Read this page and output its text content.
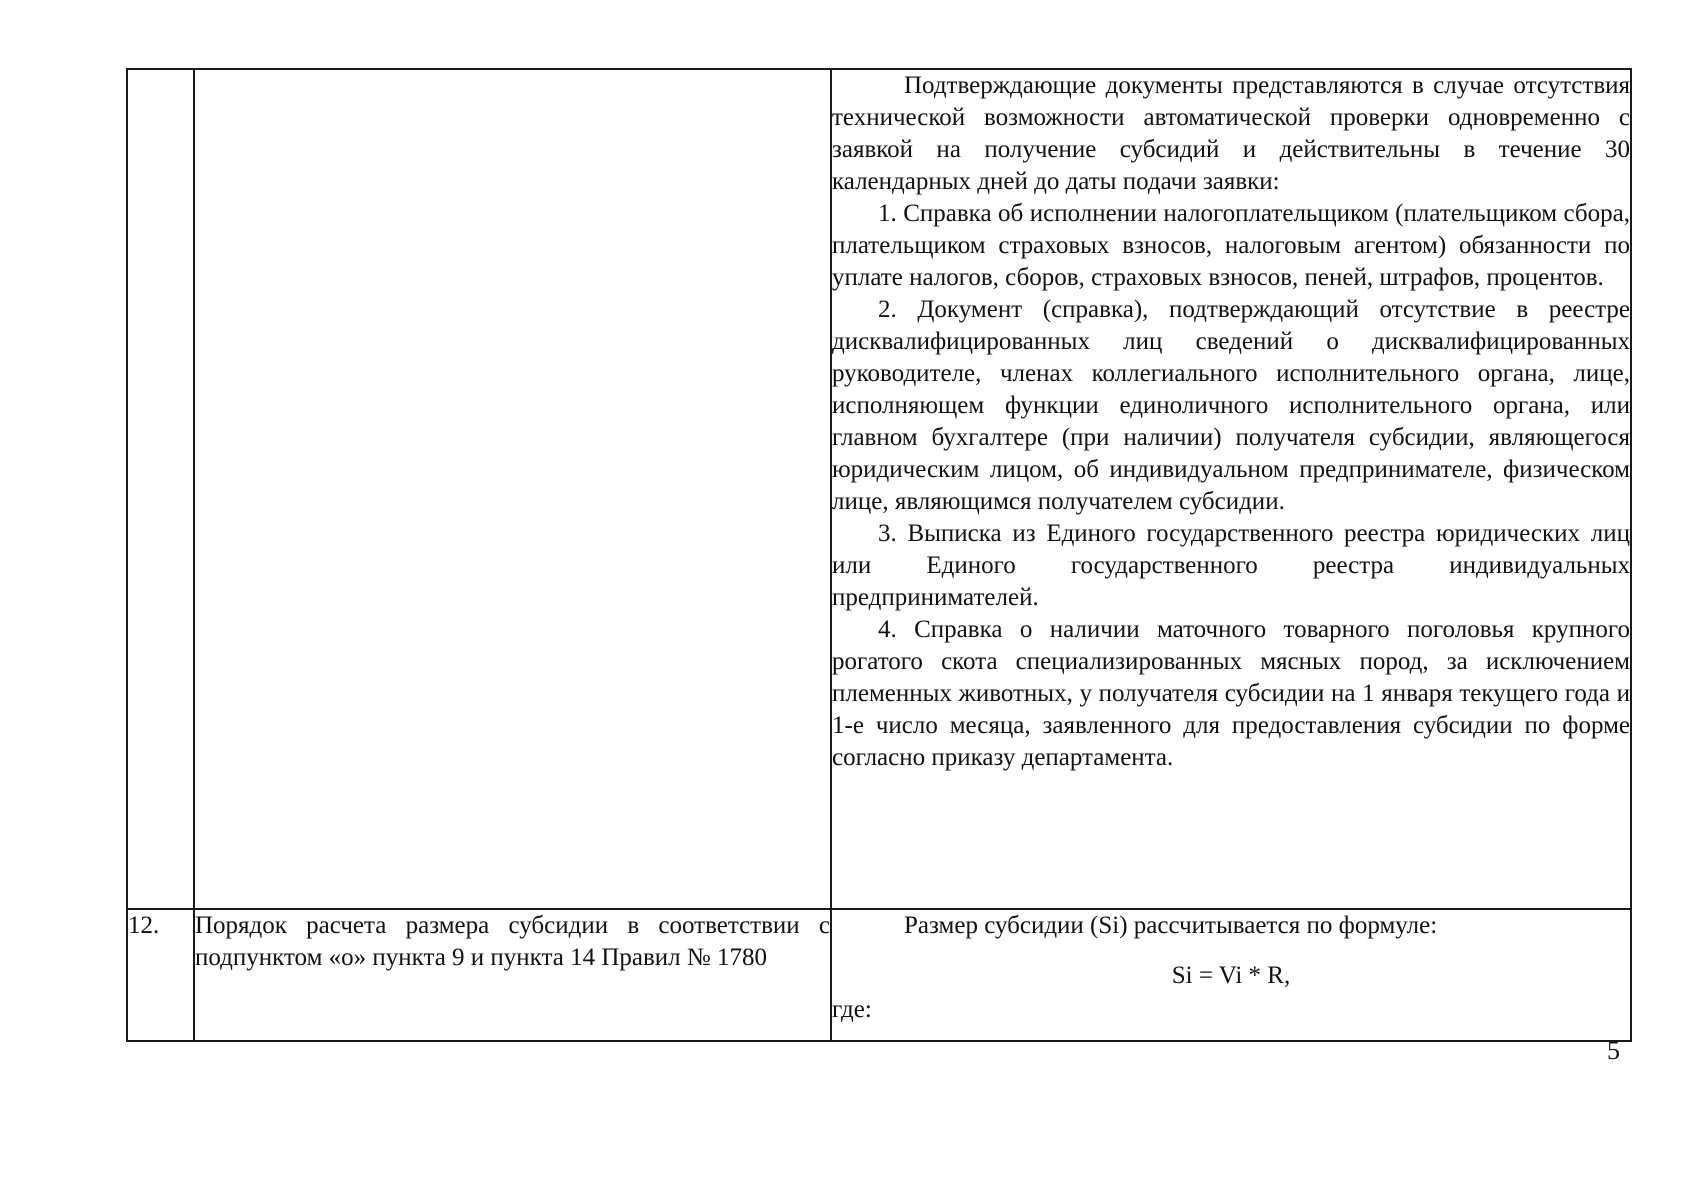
		Подтверждающие документы представляются в случае отсутствия технической возможности автоматической проверки одновременно с заявкой на получение субсидий и действительны в течение 30 календарных дней до даты подачи заявки:

1. Справка об исполнении налогоплательщиком (плательщиком сбора, плательщиком страховых взносов, налоговым агентом) обязанности по уплате налогов, сборов, страховых взносов, пеней, штрафов, процентов.

2. Документ (справка), подтверждающий отсутствие в реестре дисквалифицированных лиц сведений о дисквалифицированных руководителе, членах коллегиального исполнительного органа, лице, исполняющем функции единоличного исполнительного органа, или главном бухгалтере (при наличии) получателя субсидии, являющегося юридическим лицом, об индивидуальном предпринимателе, физическом лице, являющимся получателем субсидии.

3. Выписка из Единого государственного реестра юридических лиц или Единого государственного реестра индивидуальных предпринимателей.

4. Справка о наличии маточного товарного поголовья крупного рогатого скота специализированных мясных пород, за исключением племенных животных, у получателя субсидии на 1 января текущего года и 1-е число месяца, заявленного для предоставления субсидии по форме согласно приказу департамента.

12.	Порядок расчета размера субсидии в соответствии с подпунктом «о» пункта 9 и пункта 14 Правил № 1780	Размер субсидии (Si) рассчитывается по формуле:

Si = Vi * R,

где:

5
